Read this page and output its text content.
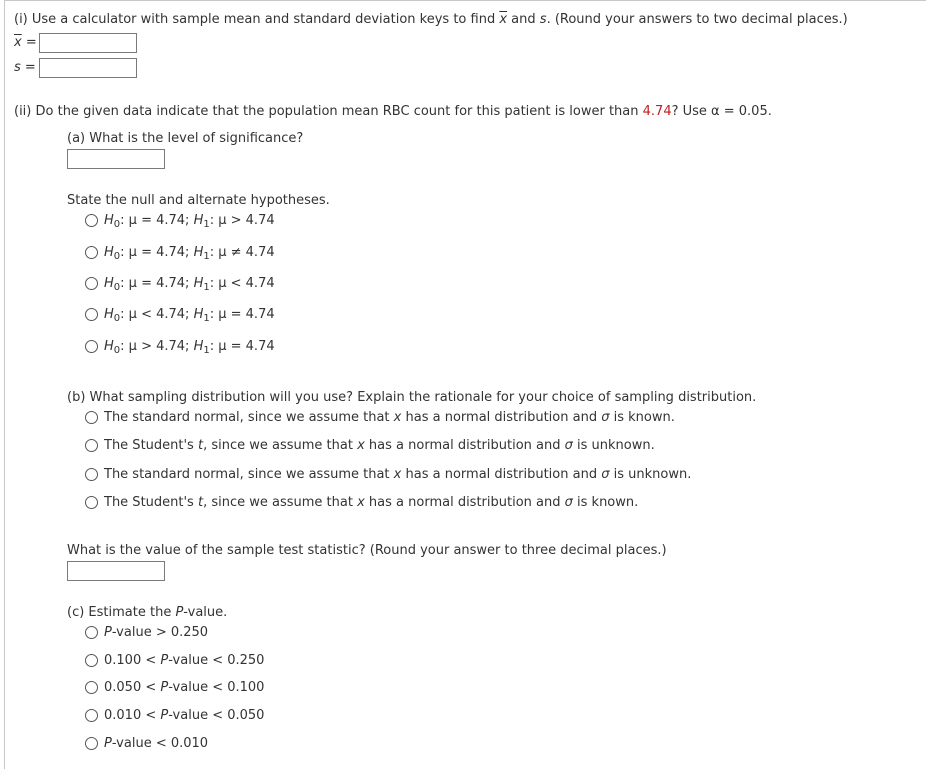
(i) Use a calculator with sample mean and standard deviation keys to find $\overline{x}$ and s. (Round your answers to two decimal places.)
$\overline{x}$ =
s =
(ii) Do the given data indicate that the population mean RBC count for this patient is lower than 4.74? Use α = 0.05.
(a) What is the level of significance?
State the null and alternate hypotheses.
$H_0$: μ = 4.74; $H_1$: μ > 4.74
$H_0$: μ = 4.74; $H_1$: μ ≠ 4.74
$H_0$: μ = 4.74; $H_1$: μ < 4.74
$H_0$: μ < 4.74; $H_1$: μ = 4.74
$H_0$: μ > 4.74; $H_1$: μ = 4.74
(b) What sampling distribution will you use? Explain the rationale for your choice of sampling distribution.
The standard normal, since we assume that x has a normal distribution and σ is known.
The Student's t, since we assume that x has a normal distribution and σ is unknown.
The standard normal, since we assume that x has a normal distribution and σ is unknown.
The Student's t, since we assume that x has a normal distribution and σ is known.
What is the value of the sample test statistic? (Round your answer to three decimal places.)
(c) Estimate the P-value.
P-value > 0.250
0.100 < P-value < 0.250
0.050 < P-value < 0.100
0.010 < P-value < 0.050
P-value < 0.010
